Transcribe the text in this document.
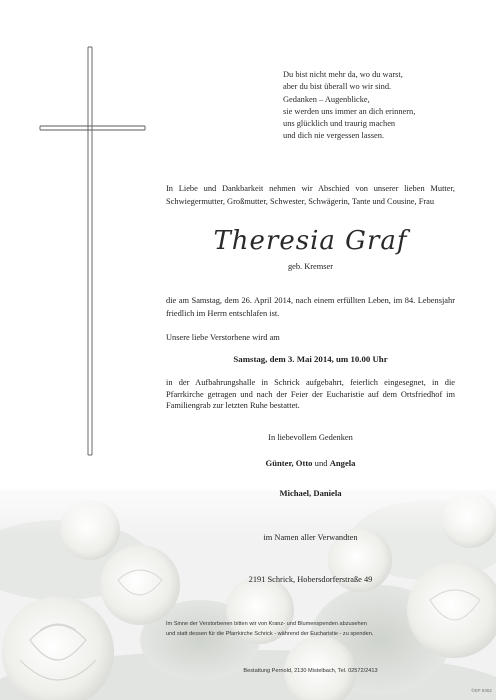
Du bist nicht mehr da, wo du warst,
aber du bist überall wo wir sind.
Gedanken – Augenblicke,
sie werden uns immer an dich erinnern,
uns glücklich und traurig machen
und dich nie vergessen lassen.
In Liebe und Dankbarkeit nehmen wir Abschied von unserer lieben Mutter, Schwiegermutter, Großmutter, Schwester, Schwägerin, Tante und Cousine, Frau
Theresia Graf
geb. Kremser
die am Samstag, dem 26. April 2014, nach einem erfüllten Leben, im 84. Lebensjahr friedlich im Herrn entschlafen ist.
Unsere liebe Verstorbene wird am
Samstag, dem 3. Mai 2014, um 10.00 Uhr
in der Aufbahrungshalle in Schrick aufgebahrt, feierlich eingesegnet, in die Pfarrkirche getragen und nach der Feier der Eucharistie auf dem Ortsfriedhof im Familiengrab zur letzten Ruhe bestattet.
In liebevollem Gedenken
Günter, Otto und Angela
Michael, Daniela
im Namen aller Verwandten
2191 Schrick, Hobersdorferstraße 49
Im Sinne der Verstorbenen bitten wir von Kranz- und Blumenspenden abzusehen
und statt dessen für die Pfarrkirche Schrick - während der Eucharistie - zu spenden.
Bestattung Pernold, 2130 Mistelbach, Tel. 02572/2413
©EP 9352
